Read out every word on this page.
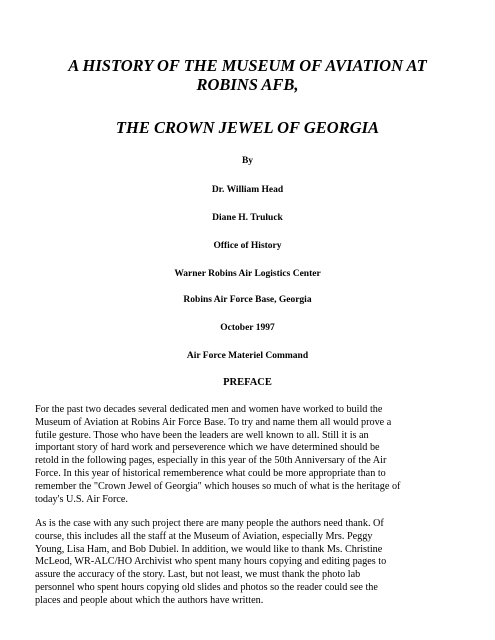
A HISTORY OF THE MUSEUM OF AVIATION AT
ROBINS AFB,
THE CROWN JEWEL OF GEORGIA
By
Dr. William Head
Diane H. Truluck
Office of History
Warner Robins Air Logistics Center
Robins Air Force Base, Georgia
October 1997
Air Force Materiel Command
PREFACE
For the past two decades several dedicated men and women have worked to build the
Museum of Aviation at Robins Air Force Base. To try and name them all would prove a
futile gesture. Those who have been the leaders are well known to all. Still it is an
important story of hard work and perseverence which we have determined should be
retold in the following pages, especially in this year of the 50th Anniversary of the Air
Force. In this year of historical rememberence what could be more appropriate than to
remember the "Crown Jewel of Georgia" which houses so much of what is the heritage of
today's U.S. Air Force.
As is the case with any such project there are many people the authors need thank. Of
course, this includes all the staff at the Museum of Aviation, especially Mrs. Peggy
Young, Lisa Ham, and Bob Dubiel. In addition, we would like to thank Ms. Christine
McLeod, WR-ALC/HO Archivist who spent many hours copying and editing pages to
assure the accuracy of the story. Last, but not least, we must thank the photo lab
personnel who spent hours copying old slides and photos so the reader could see the
places and people about which the authors have written.
